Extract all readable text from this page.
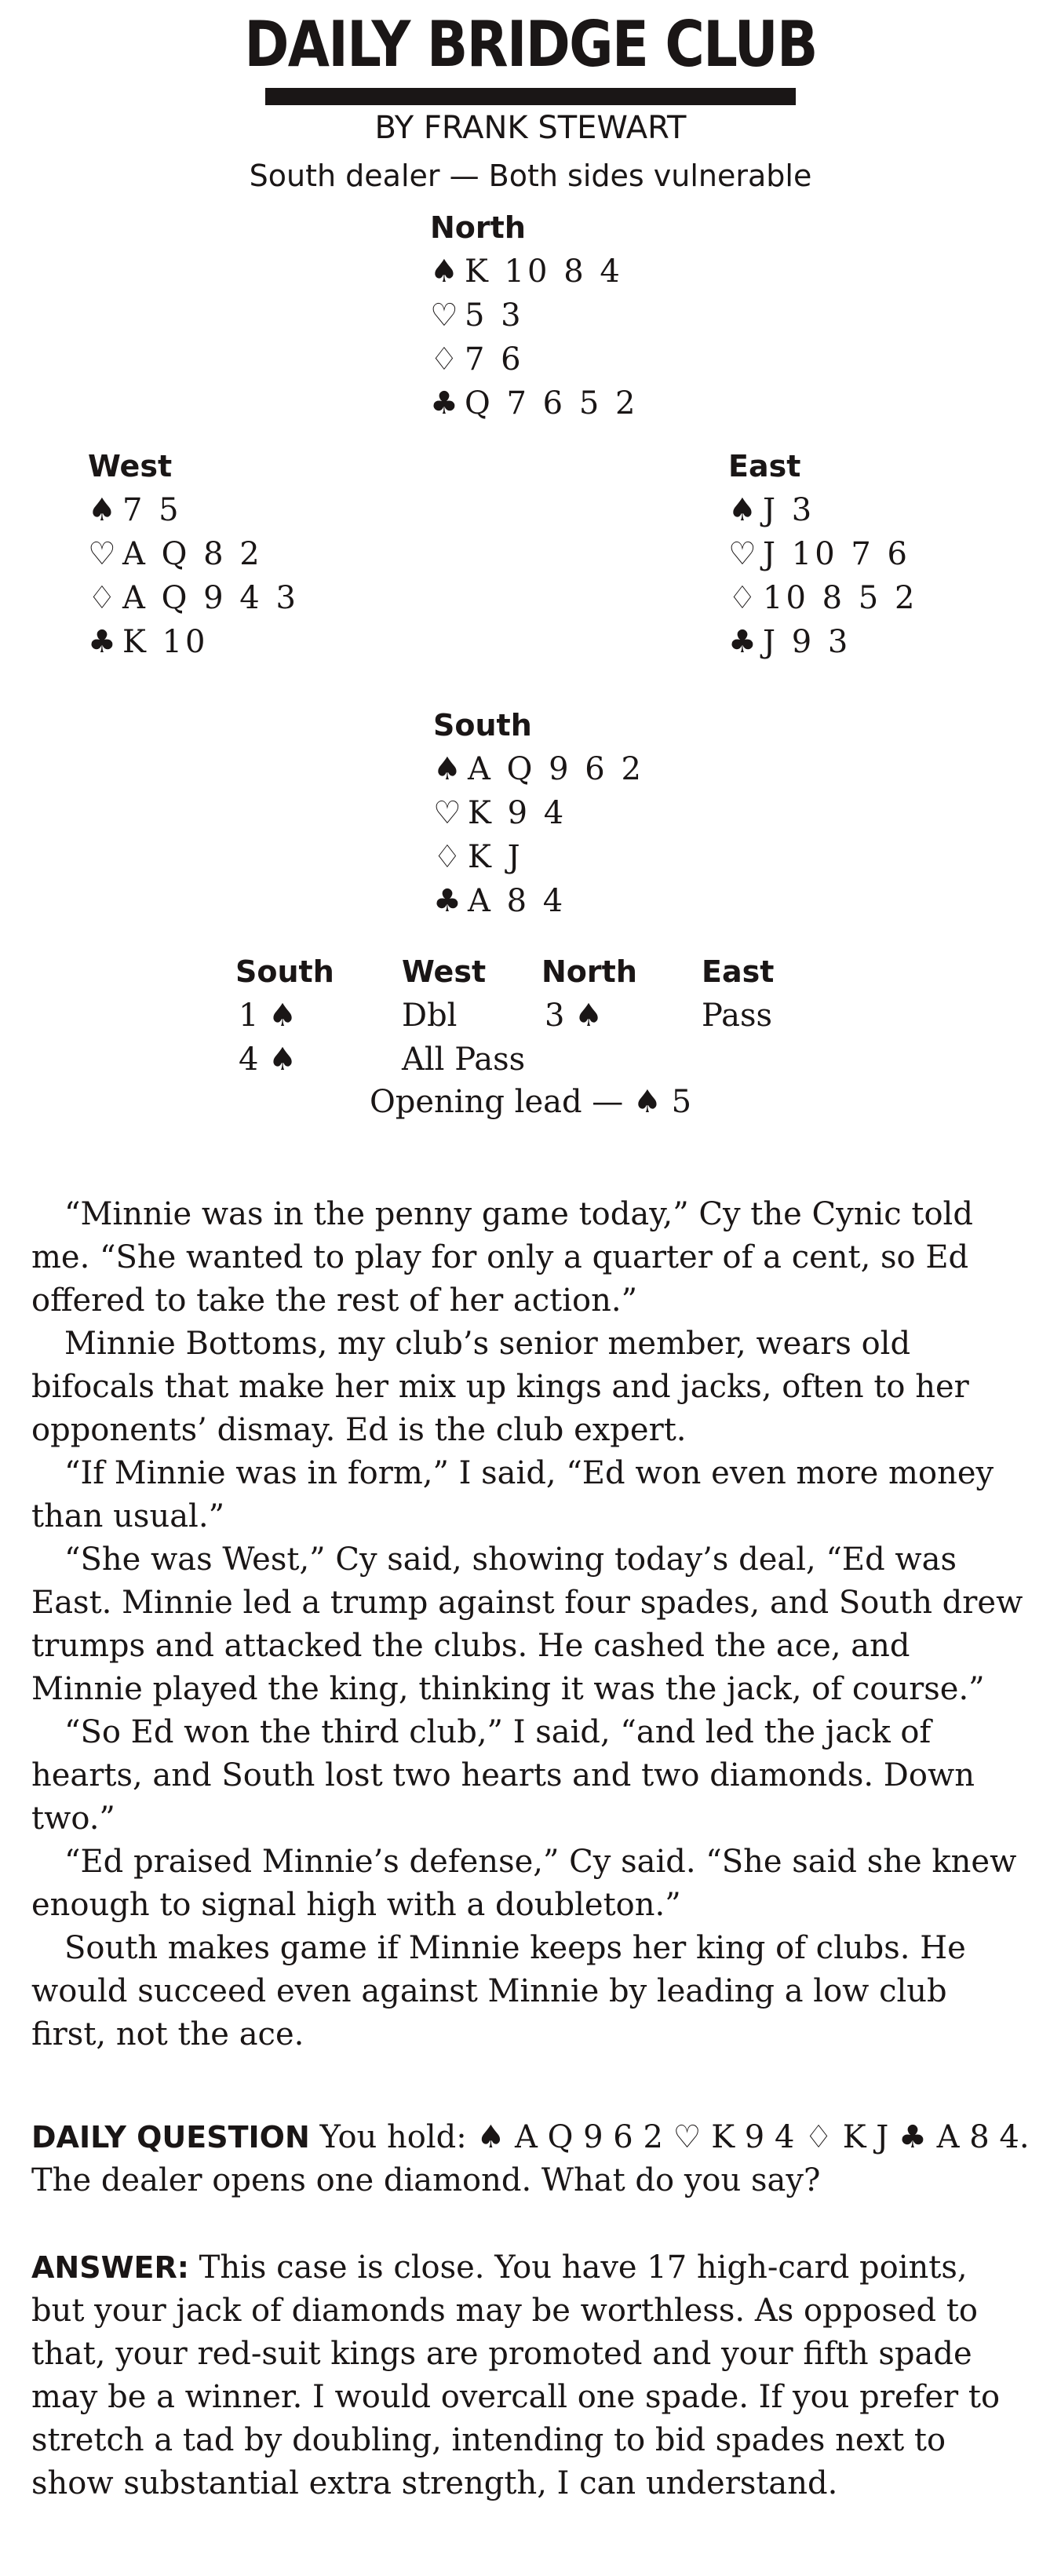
DAILY BRIDGE CLUB
BY FRANK STEWART
South dealer — Both sides vulnerable
North
♠ K 10 8 4
♡ 5 3
♢ 7 6
♣ Q 7 6 5 2
West
♠ 7 5
♡ A Q 8 2
♢ A Q 9 4 3
♣ K 10
East
♠ J 3
♡ J 10 7 6
♢ 10 8 5 2
♣ J 9 3
South
♠ A Q 9 6 2
♡ K 9 4
♢ K J
♣ A 8 4
South West North East
1 ♠	Dbl	3 ♠	Pass
4 ♠	All Pass
Opening lead — ♠ 5

“Minnie was in the penny game today,” Cy the Cynic told me. “She wanted to play for only a quarter of a cent, so Ed offered to take the rest of her action.”

Minnie Bottoms, my club’s senior member, wears old bifocals that make her mix up kings and jacks, often to her opponents’ dismay. Ed is the club expert.

“If Minnie was in form,” I said, “Ed won even more money than usual.”

“She was West,” Cy said, showing today’s deal, “Ed was East. Minnie led a trump against four spades, and South drew trumps and attacked the clubs. He cashed the ace, and Minnie played the king, thinking it was the jack, of course.”

“So Ed won the third club,” I said, “and led the jack of hearts, and South lost two hearts and two diamonds. Down two.”

“Ed praised Minnie’s defense,” Cy said. “She said she knew enough to signal high with a doubleton.”

South makes game if Minnie keeps her king of clubs. He would succeed even against Minnie by leading a low club first, not the ace.

DAILY QUESTION You hold: ♠ A Q 9 6 2 ♡ K 9 4 ♢ K J ♣ A 8 4. The dealer opens one diamond. What do you say?
ANSWER: This case is close. You have 17 high-card points, but your jack of diamonds may be worthless. As opposed to that, your red-suit kings are promoted and your fifth spade may be a winner. I would overcall one spade. If you prefer to stretch a tad by doubling, intending to bid spades next to show substantial extra strength, I can understand.
